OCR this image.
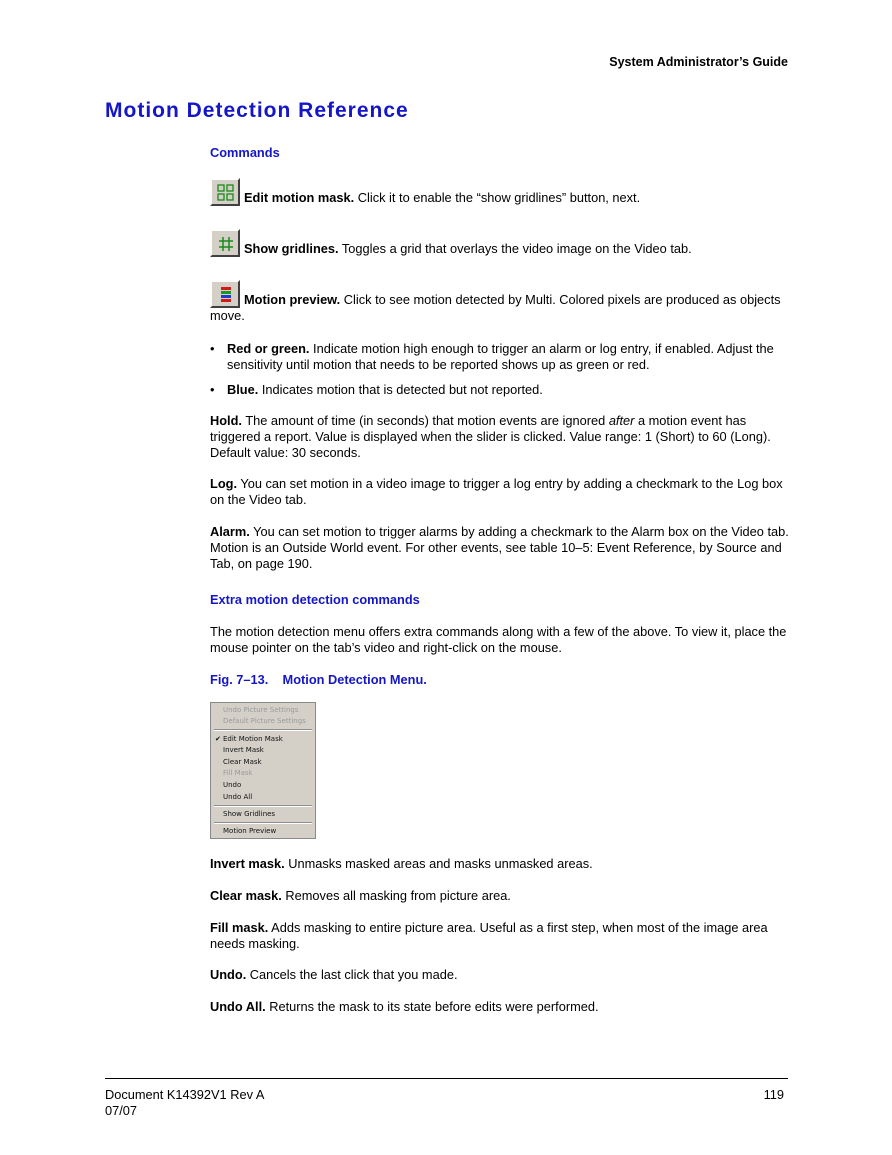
System Administrator’s Guide
Motion Detection Reference
Commands
Edit motion mask. Click it to enable the “show gridlines” button, next.
Show gridlines. Toggles a grid that overlays the video image on the Video tab.
Motion preview. Click to see motion detected by Multi. Colored pixels are produced as objects move.
• Red or green. Indicate motion high enough to trigger an alarm or log entry, if enabled. Adjust the sensitivity until motion that needs to be reported shows up as green or red.
• Blue. Indicates motion that is detected but not reported.
Hold. The amount of time (in seconds) that motion events are ignored after a motion event has triggered a report. Value is displayed when the slider is clicked. Value range: 1 (Short) to 60 (Long). Default value: 30 seconds.
Log. You can set motion in a video image to trigger a log entry by adding a checkmark to the Log box on the Video tab.
Alarm. You can set motion to trigger alarms by adding a checkmark to the Alarm box on the Video tab. Motion is an Outside World event. For other events, see table 10–5: Event Reference, by Source and Tab, on page 190.
Extra motion detection commands
The motion detection menu offers extra commands along with a few of the above. To view it, place the mouse pointer on the tab’s video and right-click on the mouse.
Fig. 7–13.    Motion Detection Menu.
Undo Picture Settings
Default Picture Settings
✔ Edit Motion Mask
Invert Mask
Clear Mask
Fill Mask
Undo
Undo All
Show Gridlines
Motion Preview
Invert mask. Unmasks masked areas and masks unmasked areas.
Clear mask. Removes all masking from picture area.
Fill mask. Adds masking to entire picture area. Useful as a first step, when most of the image area needs masking.
Undo. Cancels the last click that you made.
Undo All. Returns the mask to its state before edits were performed.
Document K14392V1 Rev A
07/07
119
